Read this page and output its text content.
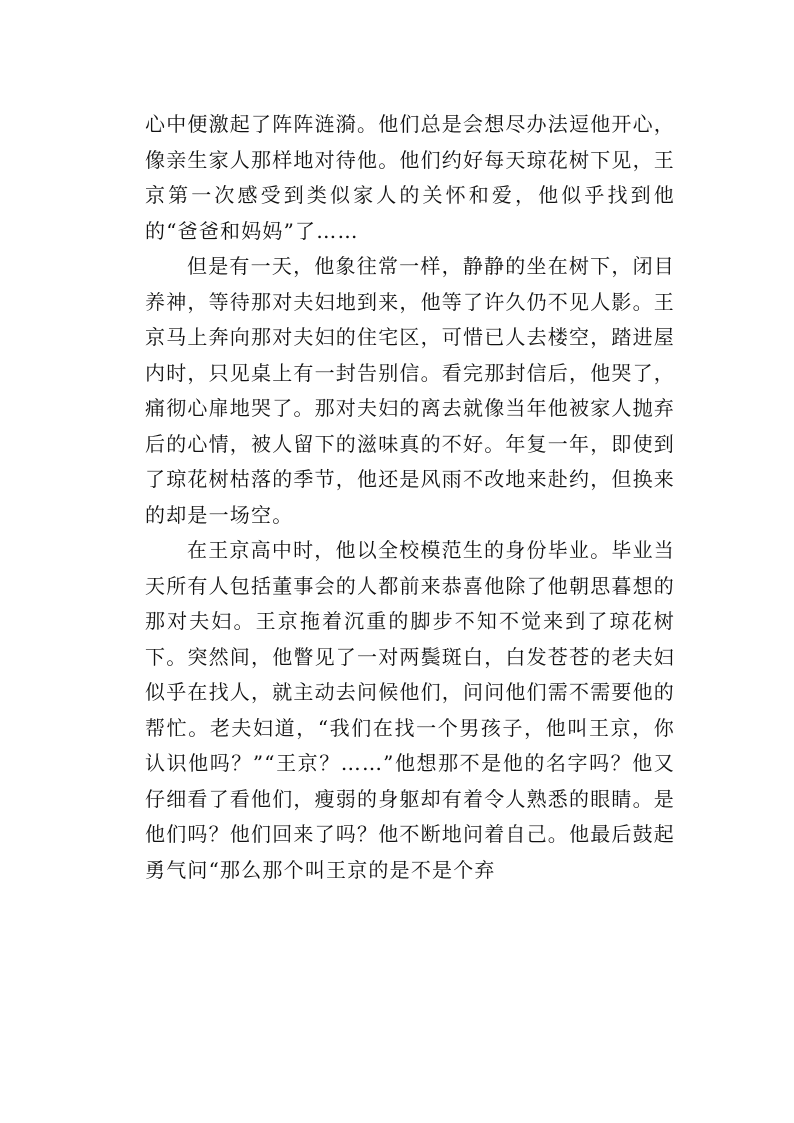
心中便激起了阵阵涟漪。他们总是会想尽办法逗他开心，像亲生家人那样地对待他。他们约好每天琼花树下见，王京第一次感受到类似家人的关怀和爱，他似乎找到他的“爸爸和妈妈”了……

但是有一天，他象往常一样，静静的坐在树下，闭目养神，等待那对夫妇地到来，他等了许久仍不见人影。王京马上奔向那对夫妇的住宅区，可惜已人去楼空，踏进屋内时，只见桌上有一封告别信。看完那封信后，他哭了，痛彻心扉地哭了。那对夫妇的离去就像当年他被家人抛弃后的心情，被人留下的滋味真的不好。年复一年，即使到了琼花树枯落的季节，他还是风雨不改地来赴约，但换来的却是一场空。

在王京高中时，他以全校模范生的身份毕业。毕业当天所有人包括董事会的人都前来恭喜他除了他朝思暮想的那对夫妇。王京拖着沉重的脚步不知不觉来到了琼花树下。突然间，他瞥见了一对两鬓斑白，白发苍苍的老夫妇似乎在找人，就主动去问候他们，问问他们需不需要他的帮忙。老夫妇道，“我们在找一个男孩子，他叫王京，你认识他吗？”“王京？……”他想那不是他的名字吗？他又仔细看了看他们，瘦弱的身躯却有着令人熟悉的眼睛。是他们吗？他们回来了吗？他不断地问着自己。他最后鼓起勇气问“那么那个叫王京的是不是个弃
